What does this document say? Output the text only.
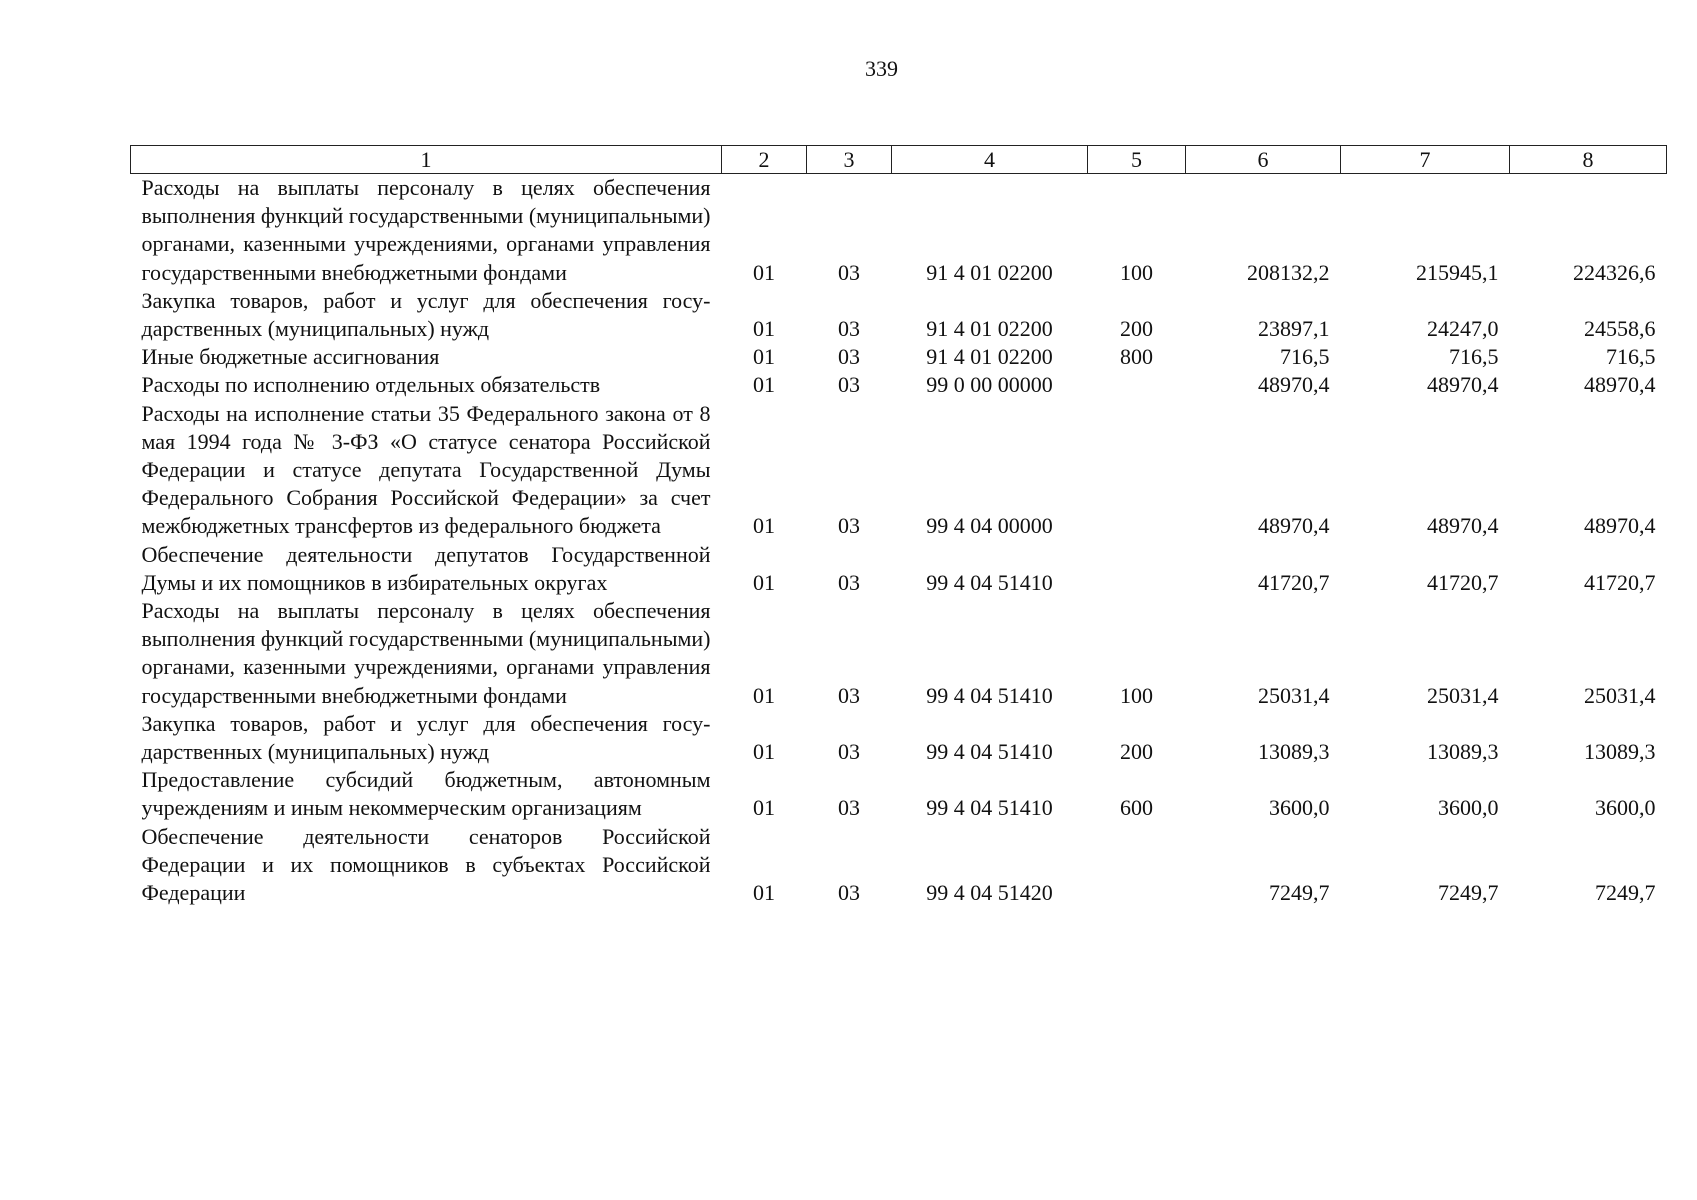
339
1	2	3	4	5	6	7	8
Расходы на выплаты персоналу в целях обеспечения выполнения функций государственными (муниципальными) органами, казенными учреждениями, органами управления государственными внебюджетными фондами	01	03	91 4 01 02200	100	208132,2	215945,1	224326,6
Закупка товаров, работ и услуг для обеспечения государственных (муниципальных) нужд	01	03	91 4 01 02200	200	23897,1	24247,0	24558,6
Иные бюджетные ассигнования	01	03	91 4 01 02200	800	716,5	716,5	716,5
Расходы по исполнению отдельных обязательств	01	03	99 0 00 00000		48970,4	48970,4	48970,4
Расходы на исполнение статьи 35 Федерального закона от 8 мая 1994 года № 3-ФЗ «О статусе сенатора Российской Федерации и статусе депутата Государственной Думы Федерального Собрания Российской Федерации» за счет межбюджетных трансфертов из федерального бюджета	01	03	99 4 04 00000		48970,4	48970,4	48970,4
Обеспечение деятельности депутатов Государственной Думы и их помощников в избирательных округах	01	03	99 4 04 51410		41720,7	41720,7	41720,7
Расходы на выплаты персоналу в целях обеспечения выполнения функций государственными (муниципальными) органами, казенными учреждениями, органами управления государственными внебюджетными фондами	01	03	99 4 04 51410	100	25031,4	25031,4	25031,4
Закупка товаров, работ и услуг для обеспечения государственных (муниципальных) нужд	01	03	99 4 04 51410	200	13089,3	13089,3	13089,3
Предоставление субсидий бюджетным, автономным учреждениям и иным некоммерческим организациям	01	03	99 4 04 51410	600	3600,0	3600,0	3600,0
Обеспечение деятельности сенаторов Российской Федерации и их помощников в субъектах Российской Федерации	01	03	99 4 04 51420		7249,7	7249,7	7249,7
